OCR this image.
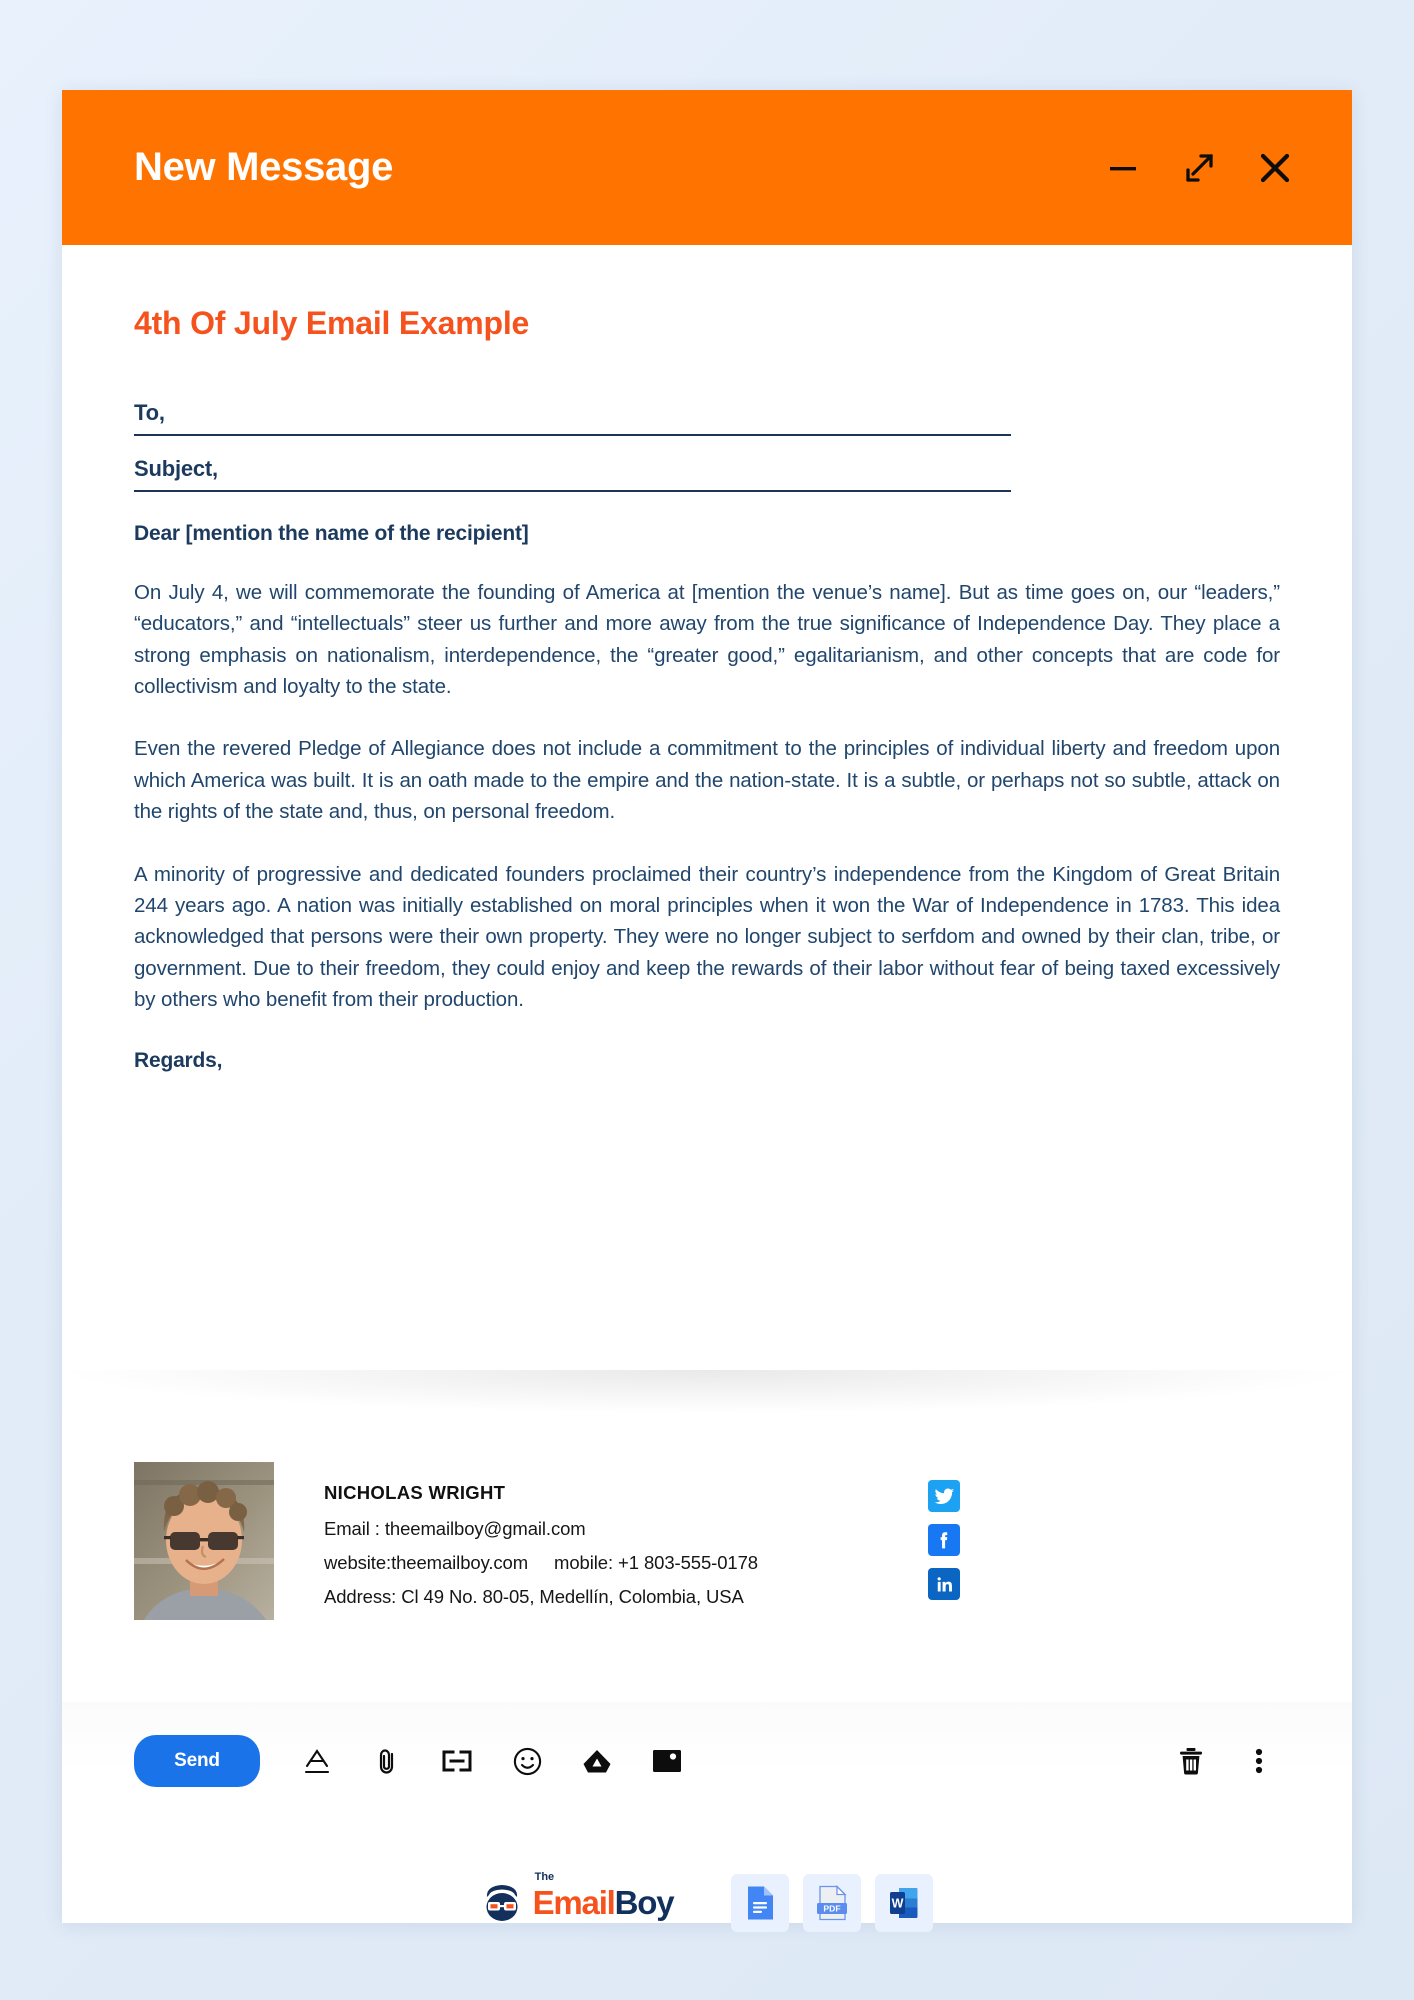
New Message
4th Of July Email Example
To,
Subject,
Dear [mention the name of the recipient]
On July 4, we will commemorate the founding of America at [mention the venue’s name]. But as time goes on, our “leaders,” “educators,” and “intellectuals” steer us further and more away from the true significance of Independence Day. They place a strong emphasis on nationalism, interdependence, the “greater good,” egalitarianism, and other concepts that are code for collectivism and loyalty to the state.
Even the revered Pledge of Allegiance does not include a commitment to the principles of individual liberty and freedom upon which America was built. It is an oath made to the empire and the nation-state. It is a subtle, or perhaps not so subtle, attack on the rights of the state and, thus, on personal freedom.
A minority of progressive and dedicated founders proclaimed their country’s independence from the Kingdom of Great Britain 244 years ago. A nation was initially established on moral principles when it won the War of Independence in 1783. This idea acknowledged that persons were their own property. They were no longer subject to serfdom and owned by their clan, tribe, or government. Due to their freedom, they could enjoy and keep the rewards of their labor without fear of being taxed excessively by others who benefit from their production.
Regards,
NICHOLAS WRIGHT
Email : theemailboy@gmail.com
website:theemailboy.com mobile: +1 803-555-0178
Address: Cl 49 No. 80-05, Medellín, Colombia, USA
Send
The
EmailBoy	PDF	W
